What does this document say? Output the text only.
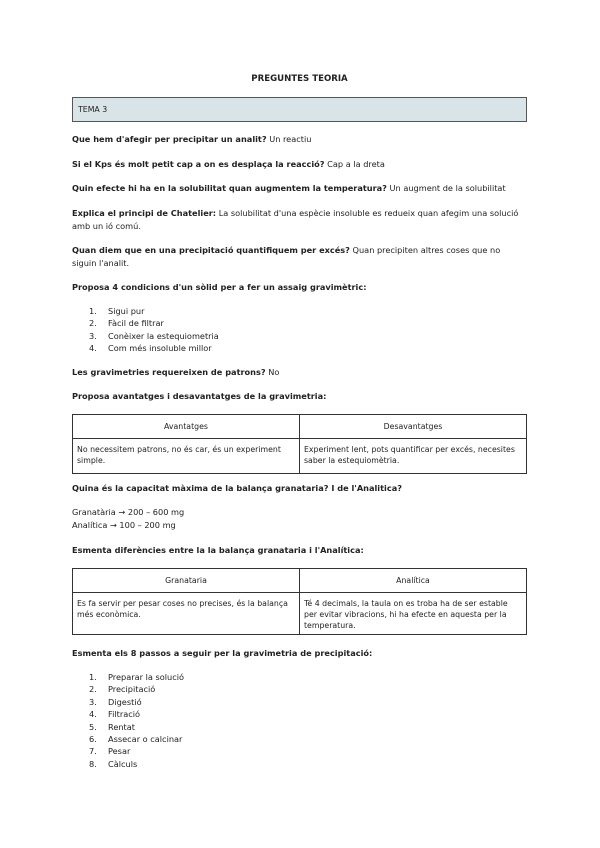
PREGUNTES TEORIA
TEMA 3
Que hem d'afegir per precipitar un analit? Un reactiu
Si el Kps és molt petit cap a on es desplaça la reacció? Cap a la dreta
Quin efecte hi ha en la solubilitat quan augmentem la temperatura? Un augment de la solubilitat
Explica el principi de Chatelier: La solubilitat d'una espècie insoluble es redueix quan afegim una solució amb un ió comú.
Quan diem que en una precipitació quantifiquem per excés? Quan precipiten altres coses que no siguin l'analit.
Proposa 4 condicions d'un sòlid per a fer un assaig gravimètric:
1. Sigui pur
2. Fàcil de filtrar
3. Conèixer la estequiometria
4. Com més insoluble millor
Les gravimetries requereixen de patrons? No
Proposa avantatges i desavantatges de la gravimetria:
Avantatges	Desavantatges
No necessitem patrons, no és car, és un experiment simple.	Experiment lent, pots quantificar per excés, necesites saber la estequiomètria.
Quina és la capacitat màxima de la balança granataria? I de l'Analitica?
Granatària → 200 – 600 mg
Analítica → 100 – 200 mg
Esmenta diferències entre la la balança granataria i l'Analítica:
Granataria	Analítica
Es fa servir per pesar coses no precises, és la balança més econòmica.	Té 4 decimals, la taula on es troba ha de ser estable per evitar vibracions, hi ha efecte en aquesta per la temperatura.
Esmenta els 8 passos a seguir per la gravimetria de precipitació:
1. Preparar la solució
2. Precipitació
3. Digestió
4. Filtració
5. Rentat
6. Assecar o calcinar
7. Pesar
8. Càlculs
